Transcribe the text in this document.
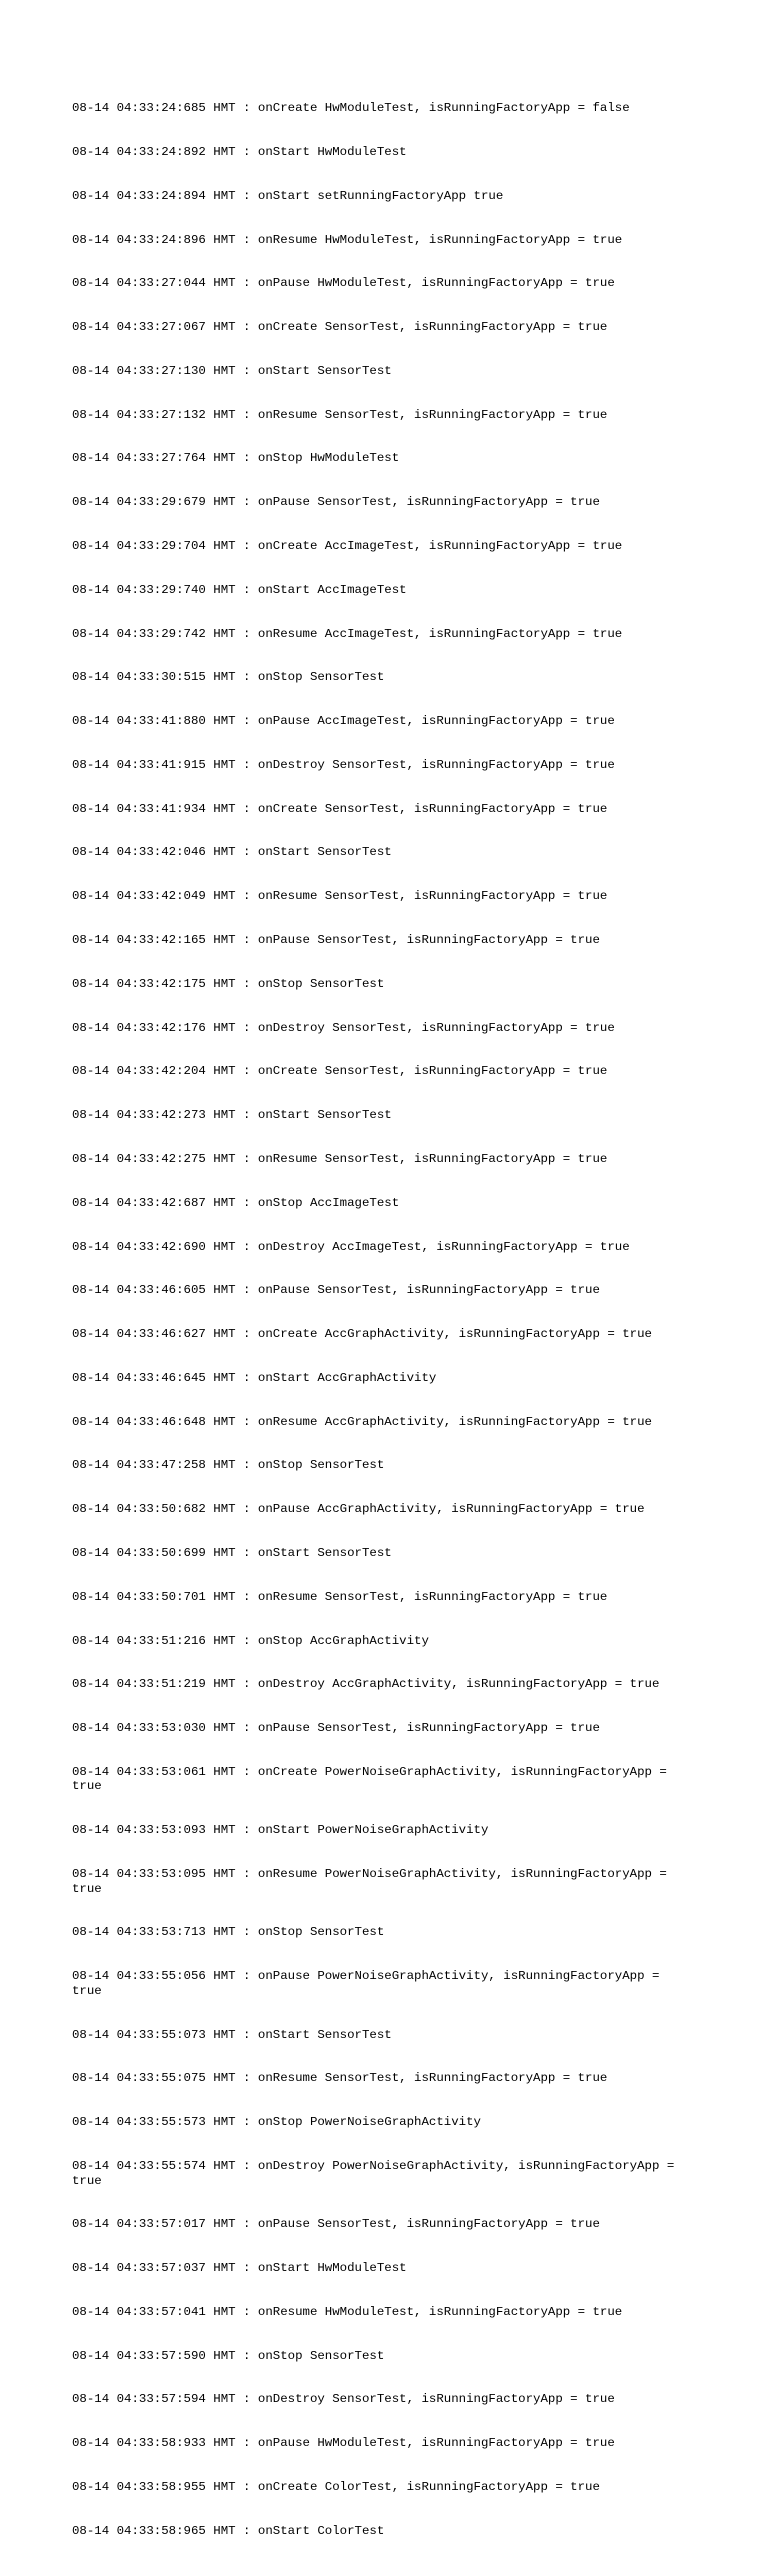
08-14 04:33:24:685 HMT : onCreate HwModuleTest, isRunningFactoryApp = false

08-14 04:33:24:892 HMT : onStart HwModuleTest

08-14 04:33:24:894 HMT : onStart setRunningFactoryApp true

08-14 04:33:24:896 HMT : onResume HwModuleTest, isRunningFactoryApp = true

08-14 04:33:27:044 HMT : onPause HwModuleTest, isRunningFactoryApp = true

08-14 04:33:27:067 HMT : onCreate SensorTest, isRunningFactoryApp = true

08-14 04:33:27:130 HMT : onStart SensorTest

08-14 04:33:27:132 HMT : onResume SensorTest, isRunningFactoryApp = true

08-14 04:33:27:764 HMT : onStop HwModuleTest

08-14 04:33:29:679 HMT : onPause SensorTest, isRunningFactoryApp = true

08-14 04:33:29:704 HMT : onCreate AccImageTest, isRunningFactoryApp = true

08-14 04:33:29:740 HMT : onStart AccImageTest

08-14 04:33:29:742 HMT : onResume AccImageTest, isRunningFactoryApp = true

08-14 04:33:30:515 HMT : onStop SensorTest

08-14 04:33:41:880 HMT : onPause AccImageTest, isRunningFactoryApp = true

08-14 04:33:41:915 HMT : onDestroy SensorTest, isRunningFactoryApp = true

08-14 04:33:41:934 HMT : onCreate SensorTest, isRunningFactoryApp = true

08-14 04:33:42:046 HMT : onStart SensorTest

08-14 04:33:42:049 HMT : onResume SensorTest, isRunningFactoryApp = true

08-14 04:33:42:165 HMT : onPause SensorTest, isRunningFactoryApp = true

08-14 04:33:42:175 HMT : onStop SensorTest

08-14 04:33:42:176 HMT : onDestroy SensorTest, isRunningFactoryApp = true

08-14 04:33:42:204 HMT : onCreate SensorTest, isRunningFactoryApp = true

08-14 04:33:42:273 HMT : onStart SensorTest

08-14 04:33:42:275 HMT : onResume SensorTest, isRunningFactoryApp = true

08-14 04:33:42:687 HMT : onStop AccImageTest

08-14 04:33:42:690 HMT : onDestroy AccImageTest, isRunningFactoryApp = true

08-14 04:33:46:605 HMT : onPause SensorTest, isRunningFactoryApp = true

08-14 04:33:46:627 HMT : onCreate AccGraphActivity, isRunningFactoryApp = true

08-14 04:33:46:645 HMT : onStart AccGraphActivity

08-14 04:33:46:648 HMT : onResume AccGraphActivity, isRunningFactoryApp = true

08-14 04:33:47:258 HMT : onStop SensorTest

08-14 04:33:50:682 HMT : onPause AccGraphActivity, isRunningFactoryApp = true

08-14 04:33:50:699 HMT : onStart SensorTest

08-14 04:33:50:701 HMT : onResume SensorTest, isRunningFactoryApp = true

08-14 04:33:51:216 HMT : onStop AccGraphActivity

08-14 04:33:51:219 HMT : onDestroy AccGraphActivity, isRunningFactoryApp = true

08-14 04:33:53:030 HMT : onPause SensorTest, isRunningFactoryApp = true

08-14 04:33:53:061 HMT : onCreate PowerNoiseGraphActivity, isRunningFactoryApp = true

08-14 04:33:53:093 HMT : onStart PowerNoiseGraphActivity

08-14 04:33:53:095 HMT : onResume PowerNoiseGraphActivity, isRunningFactoryApp = true

08-14 04:33:53:713 HMT : onStop SensorTest

08-14 04:33:55:056 HMT : onPause PowerNoiseGraphActivity, isRunningFactoryApp = true

08-14 04:33:55:073 HMT : onStart SensorTest

08-14 04:33:55:075 HMT : onResume SensorTest, isRunningFactoryApp = true

08-14 04:33:55:573 HMT : onStop PowerNoiseGraphActivity

08-14 04:33:55:574 HMT : onDestroy PowerNoiseGraphActivity, isRunningFactoryApp = true

08-14 04:33:57:017 HMT : onPause SensorTest, isRunningFactoryApp = true

08-14 04:33:57:037 HMT : onStart HwModuleTest

08-14 04:33:57:041 HMT : onResume HwModuleTest, isRunningFactoryApp = true

08-14 04:33:57:590 HMT : onStop SensorTest

08-14 04:33:57:594 HMT : onDestroy SensorTest, isRunningFactoryApp = true

08-14 04:33:58:933 HMT : onPause HwModuleTest, isRunningFactoryApp = true

08-14 04:33:58:955 HMT : onCreate ColorTest, isRunningFactoryApp = true

08-14 04:33:58:965 HMT : onStart ColorTest
